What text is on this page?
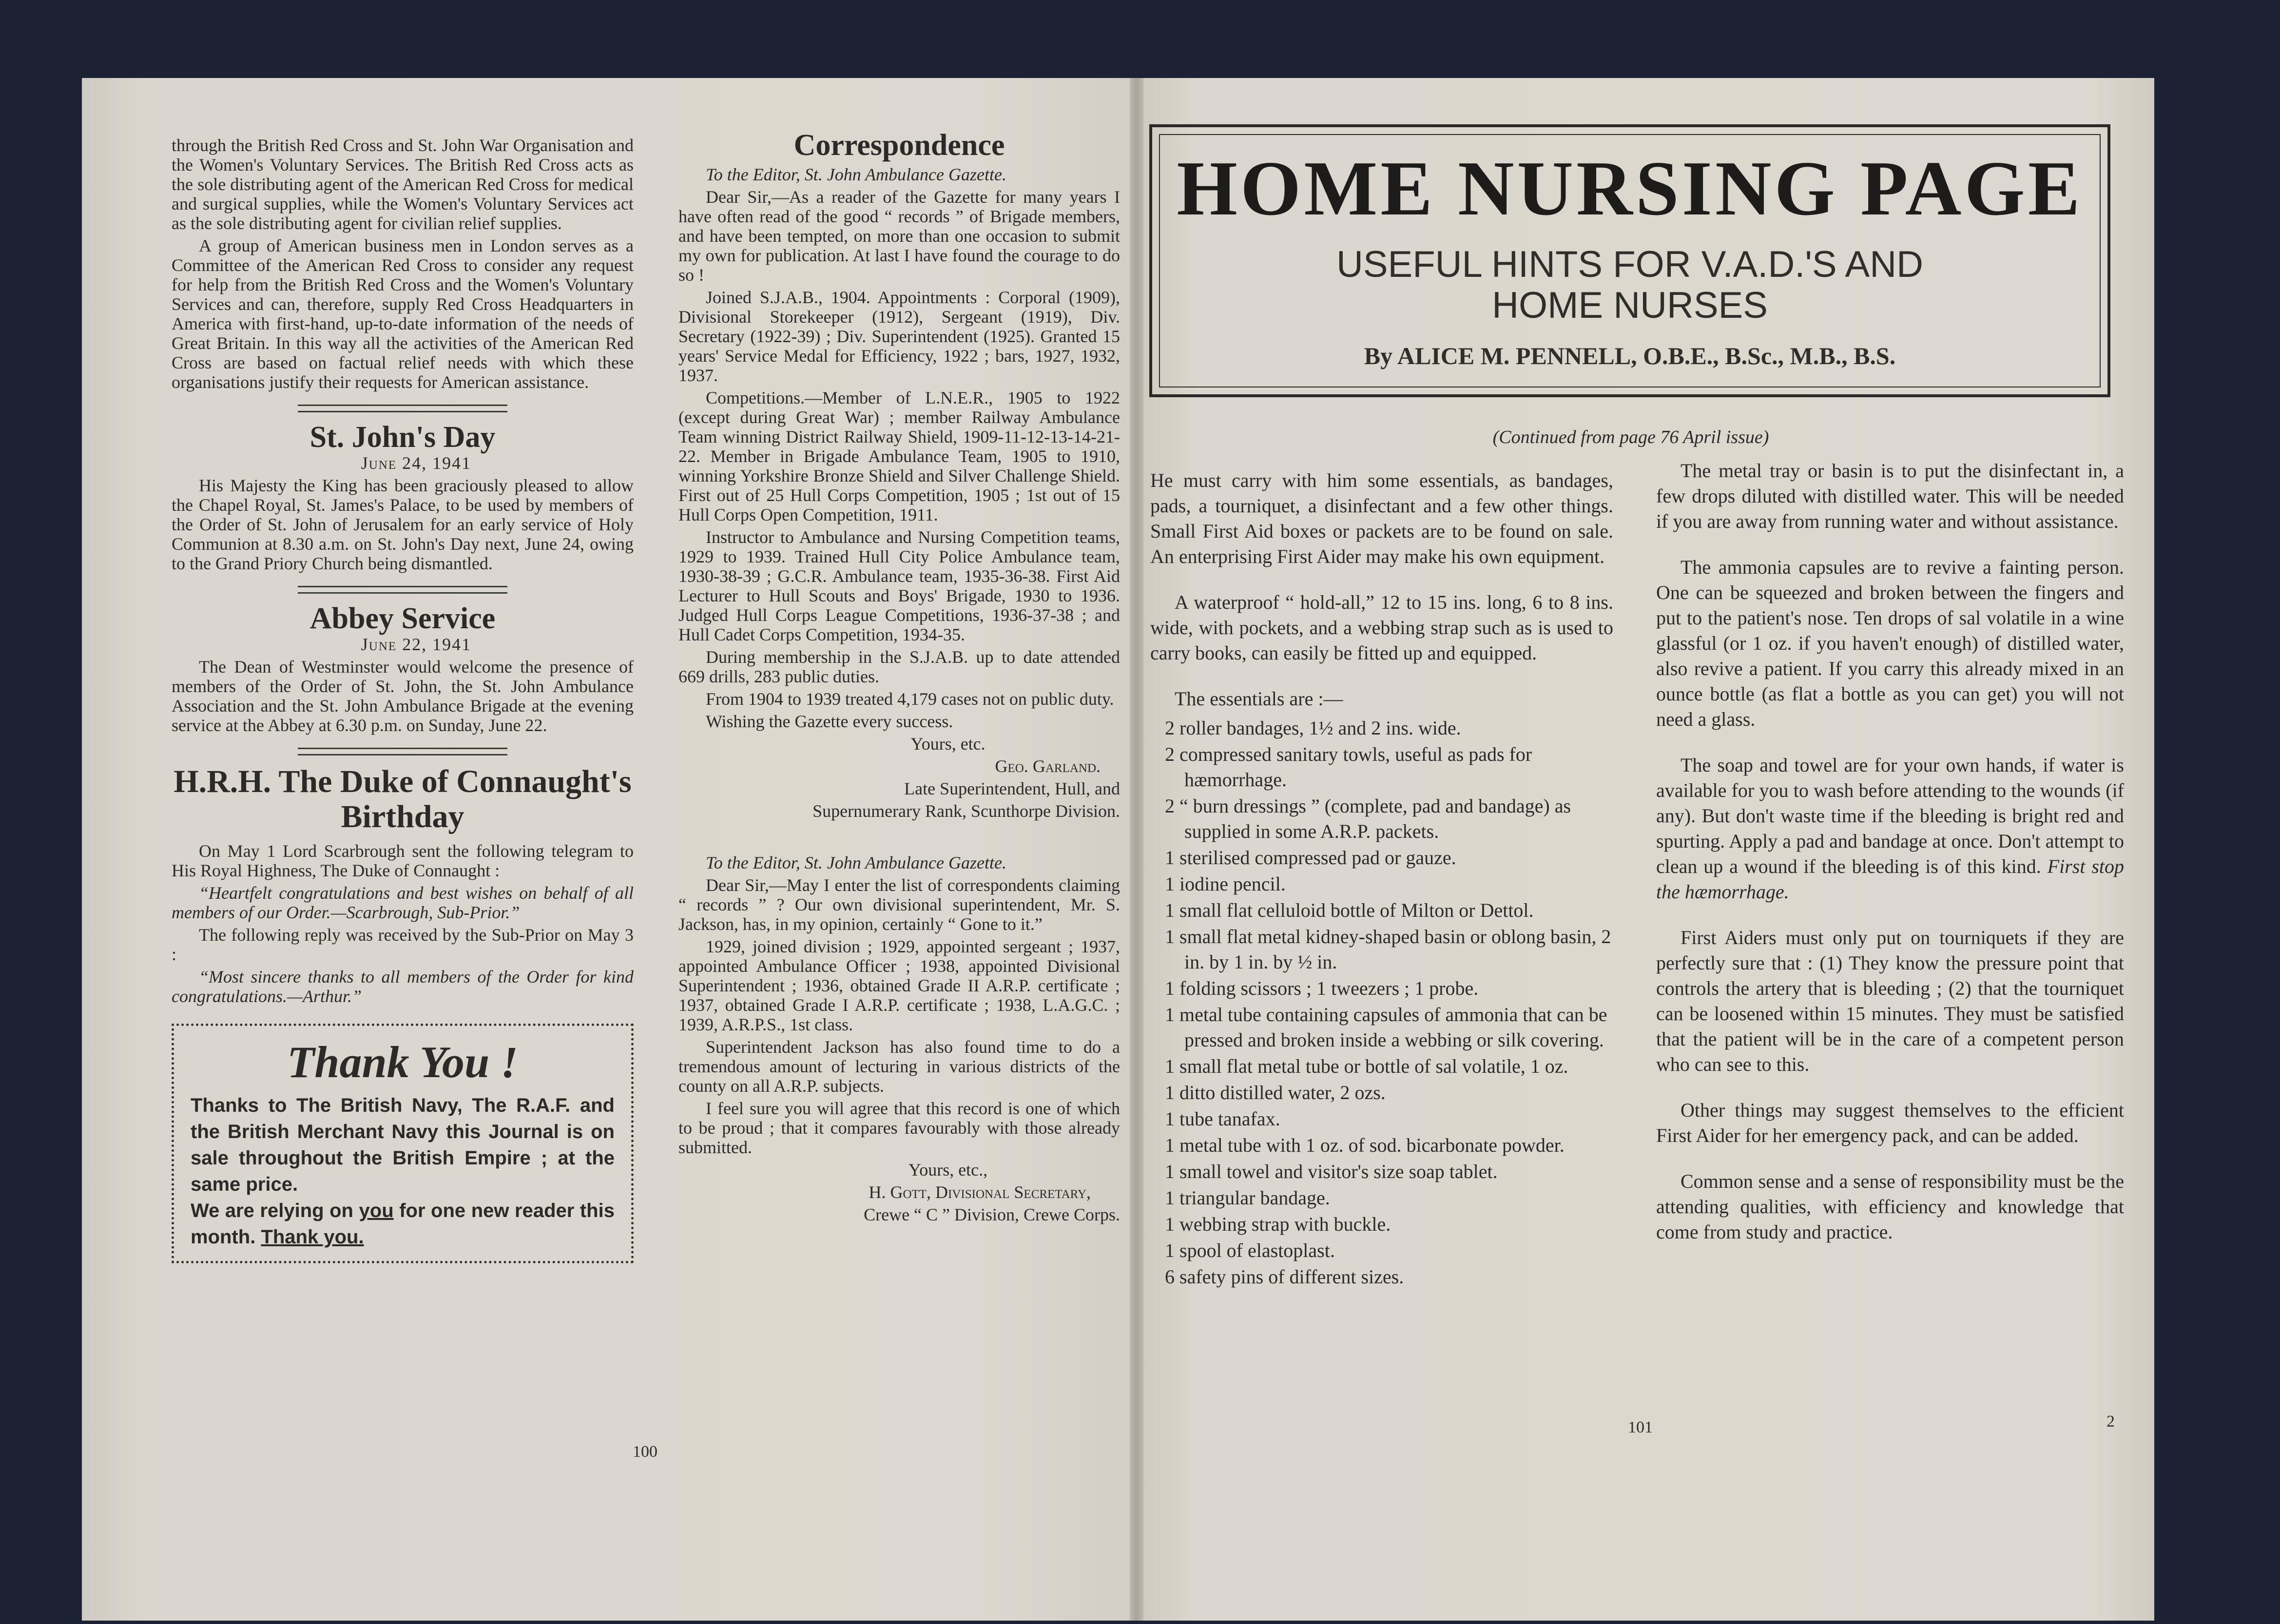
through the British Red Cross and St. John War Organisation and the Women's Voluntary Services. The British Red Cross acts as the sole distributing agent of the American Red Cross for medical and surgical supplies, while the Women's Voluntary Services act as the sole distributing agent for civilian relief supplies.

A group of American business men in London serves as a Committee of the American Red Cross to consider any request for help from the British Red Cross and the Women's Voluntary Services and can, therefore, supply Red Cross Headquarters in America with first-hand, up-to-date information of the needs of Great Britain. In this way all the activities of the American Red Cross are based on factual relief needs with which these organisations justify their requests for American assistance.

St. John's Day

June 24, 1941

His Majesty the King has been graciously pleased to allow the Chapel Royal, St. James's Palace, to be used by members of the Order of St. John of Jerusalem for an early service of Holy Communion at 8.30 a.m. on St. John's Day next, June 24, owing to the Grand Priory Church being dismantled.

Abbey Service

June 22, 1941

The Dean of Westminster would welcome the presence of members of the Order of St. John, the St. John Ambulance Association and the St. John Ambulance Brigade at the evening service at the Abbey at 6.30 p.m. on Sunday, June 22.

H.R.H. The Duke of Connaught's
Birthday

On May 1 Lord Scarbrough sent the following telegram to His Royal Highness, The Duke of Connaught :

“Heartfelt congratulations and best wishes on behalf of all members of our Order.—Scarbrough, Sub-Prior.”

The following reply was received by the Sub-Prior on May 3 :

“Most sincere thanks to all members of the Order for kind congratulations.—Arthur.”

Thank You !
Thanks to The British Navy, The R.A.F. and the British Merchant Navy this Journal is on sale throughout the British Empire ; at the same price.
We are relying on you for one new reader this month. Thank you.
Correspondence

To the Editor, St. John Ambulance Gazette.

Dear Sir,—As a reader of the Gazette for many years I have often read of the good “ records ” of Brigade members, and have been tempted, on more than one occasion to submit my own for publication. At last I have found the courage to do so !

Joined S.J.A.B., 1904. Appointments : Corporal (1909), Divisional Storekeeper (1912), Sergeant (1919), Div. Secretary (1922-39) ; Div. Superintendent (1925). Granted 15 years' Service Medal for Efficiency, 1922 ; bars, 1927, 1932, 1937.

Competitions.—Member of L.N.E.R., 1905 to 1922 (except during Great War) ; member Railway Ambulance Team winning District Railway Shield, 1909-11-12-13-14-21-22. Member in Brigade Ambulance Team, 1905 to 1910, winning Yorkshire Bronze Shield and Silver Challenge Shield. First out of 25 Hull Corps Competition, 1905 ; 1st out of 15 Hull Corps Open Competition, 1911.

Instructor to Ambulance and Nursing Competition teams, 1929 to 1939. Trained Hull City Police Ambulance team, 1930-38-39 ; G.C.R. Ambulance team, 1935-36-38. First Aid Lecturer to Hull Scouts and Boys' Brigade, 1930 to 1936. Judged Hull Corps League Competitions, 1936-37-38 ; and Hull Cadet Corps Competition, 1934-35.

During membership in the S.J.A.B. up to date attended 669 drills, 283 public duties.

From 1904 to 1939 treated 4,179 cases not on public duty.

Wishing the Gazette every success.

Yours, etc.

Geo. Garland.

Late Superintendent, Hull, and

Supernumerary Rank, Scunthorpe Division.

To the Editor, St. John Ambulance Gazette.

Dear Sir,—May I enter the list of correspondents claiming “ records ” ? Our own divisional superintendent, Mr. S. Jackson, has, in my opinion, certainly “ Gone to it.”

1929, joined division ; 1929, appointed sergeant ; 1937, appointed Ambulance Officer ; 1938, appointed Divisional Superintendent ; 1936, obtained Grade II A.R.P. certificate ; 1937, obtained Grade I A.R.P. certificate ; 1938, L.A.G.C. ; 1939, A.R.P.S., 1st class.

Superintendent Jackson has also found time to do a tremendous amount of lecturing in various districts of the county on all A.R.P. subjects.

I feel sure you will agree that this record is one of which to be proud ; that it compares favourably with those already submitted.

Yours, etc.,

H. Gott, Divisional Secretary,

Crewe “ C ” Division, Crewe Corps.

100
HOME NURSING PAGE
USEFUL HINTS FOR V.A.D.'S AND
HOME NURSES
By ALICE M. PENNELL, O.B.E., B.Sc., M.B., B.S.
(Continued from page 76 April issue)

He must carry with him some essentials, as bandages, pads, a tourniquet, a disinfectant and a few other things. Small First Aid boxes or packets are to be found on sale. An enterprising First Aider may make his own equipment.

A waterproof “ hold-all,” 12 to 15 ins. long, 6 to 8 ins. wide, with pockets, and a webbing strap such as is used to carry books, can easily be fitted up and equipped.

The essentials are :—

2 roller bandages, 1½ and 2 ins. wide.
2 compressed sanitary towls, useful as pads for hæmorrhage.
2 “ burn dressings ” (complete, pad and bandage) as supplied in some A.R.P. packets.
1 sterilised compressed pad or gauze.
1 iodine pencil.
1 small flat celluloid bottle of Milton or Dettol.
1 small flat metal kidney-shaped basin or oblong basin, 2 in. by 1 in. by ½ in.
1 folding scissors ; 1 tweezers ; 1 probe.
1 metal tube containing capsules of ammonia that can be pressed and broken inside a webbing or silk covering.
1 small flat metal tube or bottle of sal volatile, 1 oz.
1 ditto distilled water, 2 ozs.
1 tube tanafax.
1 metal tube with 1 oz. of sod. bicarbonate powder.
1 small towel and visitor's size soap tablet.
1 triangular bandage.
1 webbing strap with buckle.
1 spool of elastoplast.
6 safety pins of different sizes.

The metal tray or basin is to put the disinfectant in, a few drops diluted with distilled water. This will be needed if you are away from running water and without assistance.

The ammonia capsules are to revive a fainting person. One can be squeezed and broken between the fingers and put to the patient's nose. Ten drops of sal volatile in a wine glassful (or 1 oz. if you haven't enough) of distilled water, also revive a patient. If you carry this already mixed in an ounce bottle (as flat a bottle as you can get) you will not need a glass.

The soap and towel are for your own hands, if water is available for you to wash before attending to the wounds (if any). But don't waste time if the bleeding is bright red and spurting. Apply a pad and bandage at once. Don't attempt to clean up a wound if the bleeding is of this kind. First stop the hæmorrhage.

First Aiders must only put on tourniquets if they are perfectly sure that : (1) They know the pressure point that controls the artery that is bleeding ; (2) that the tourniquet can be loosened within 15 minutes. They must be satisfied that the patient will be in the care of a competent person who can see to this.

Other things may suggest themselves to the efficient First Aider for her emergency pack, and can be added.

Common sense and a sense of responsibility must be the attending qualities, with efficiency and knowledge that come from study and practice.

101	2
